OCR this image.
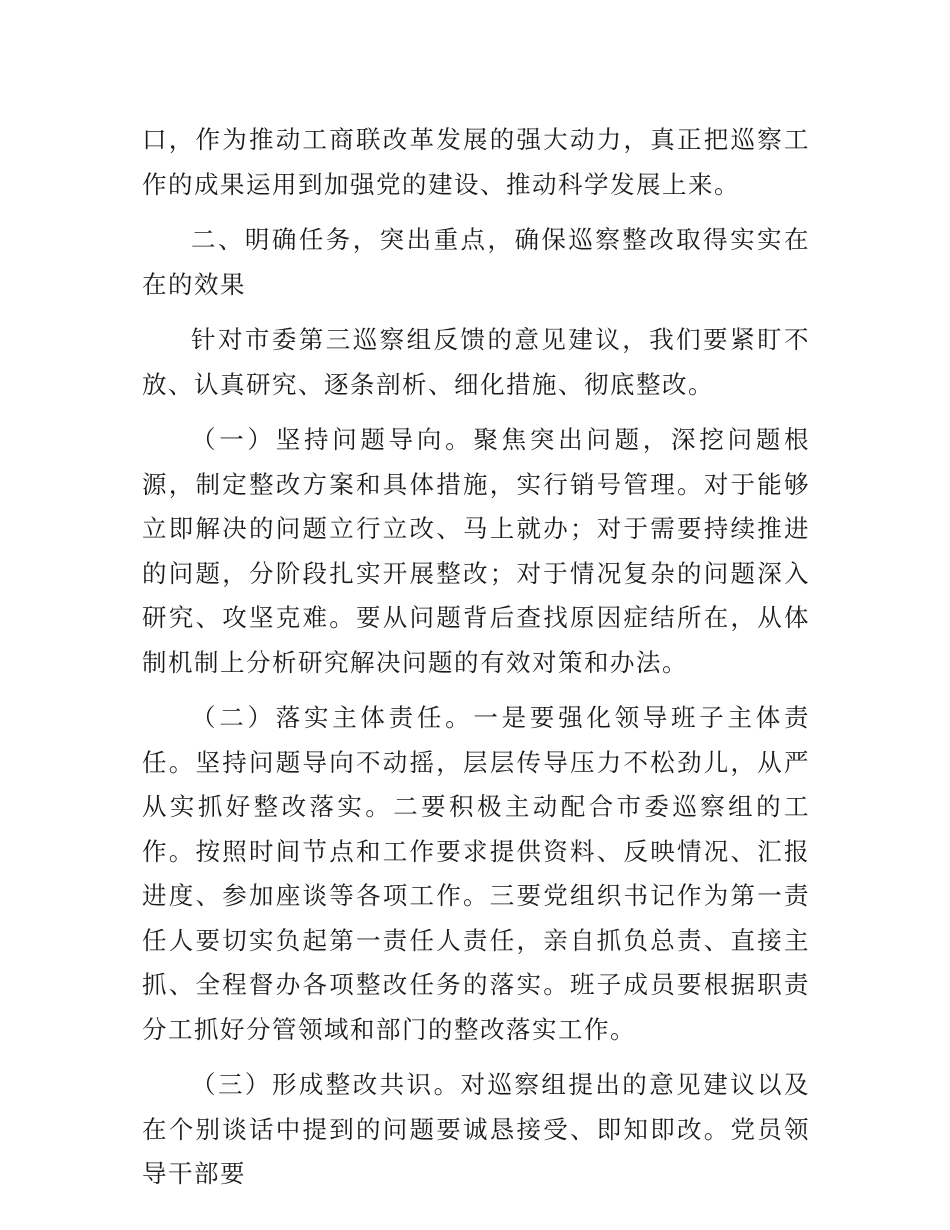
口，作为推动工商联改革发展的强大动力，真正把巡察工作的成果运用到加强党的建设、推动科学发展上来。

二、明确任务，突出重点，确保巡察整改取得实实在在的效果

针对市委第三巡察组反馈的意见建议，我们要紧盯不放、认真研究、逐条剖析、细化措施、彻底整改。

（一）坚持问题导向。聚焦突出问题，深挖问题根源，制定整改方案和具体措施，实行销号管理。对于能够立即解决的问题立行立改、马上就办；对于需要持续推进的问题，分阶段扎实开展整改；对于情况复杂的问题深入研究、攻坚克难。要从问题背后查找原因症结所在，从体制机制上分析研究解决问题的有效对策和办法。

（二）落实主体责任。一是要强化领导班子主体责任。坚持问题导向不动摇，层层传导压力不松劲儿，从严从实抓好整改落实。二要积极主动配合市委巡察组的工作。按照时间节点和工作要求提供资料、反映情况、汇报进度、参加座谈等各项工作。三要党组织书记作为第一责任人要切实负起第一责任人责任，亲自抓负总责、直接主抓、全程督办各项整改任务的落实。班子成员要根据职责分工抓好分管领域和部门的整改落实工作。

（三）形成整改共识。对巡察组提出的意见建议以及在个别谈话中提到的问题要诚恳接受、即知即改。党员领导干部要
